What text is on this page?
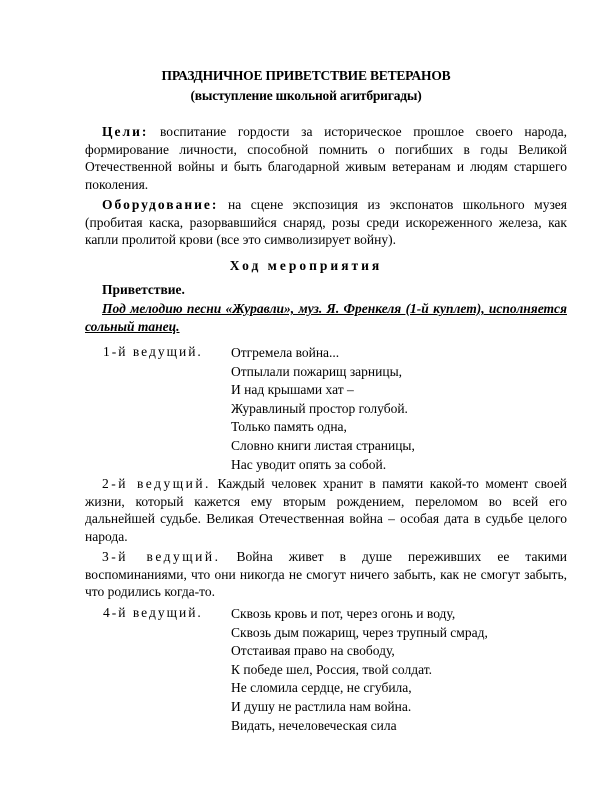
ПРАЗДНИЧНОЕ ПРИВЕТСТВИЕ ВЕТЕРАНОВ
(выступление школьной агитбригады)
Цели: воспитание гордости за историческое прошлое своего народа, формирование личности, способной помнить о погибших в годы Великой Отечественной войны и быть благодарной живым ветеранам и людям старшего поколения.
Оборудование: на сцене экспозиция из экспонатов школьного музея (пробитая каска, разорвавшийся снаряд, розы среди искореженного железа, как капли пролитой крови (все это символизирует войну).
Ход мероприятия
Приветствие.
Под мелодию песни «Журавли», муз. Я. Френкеля (1-й куплет), исполняется сольный танец.
1-й ведущий. Отгремела война...
Отпылали пожарищ зарницы,
И над крышами хат –
Журавлиный простор голубой.
Только память одна,
Словно книги листая страницы,
Нас уводит опять за собой.
2-й ведущий. Каждый человек хранит в памяти какой-то момент своей жизни, который кажется ему вторым рождением, переломом во всей его дальнейшей судьбе. Великая Отечественная война – особая дата в судьбе целого народа.
3-й ведущий. Война живет в душе переживших ее такими воспоминаниями, что они никогда не смогут ничего забыть, как не смогут забыть, что родились когда-то.
4-й ведущий. Сквозь кровь и пот, через огонь и воду,
Сквозь дым пожарищ, через трупный смрад,
Отстаивая право на свободу,
К победе шел, Россия, твой солдат.
Не сломила сердце, не сгубила,
И душу не растлила нам война.
Видать, нечеловеческая сила
